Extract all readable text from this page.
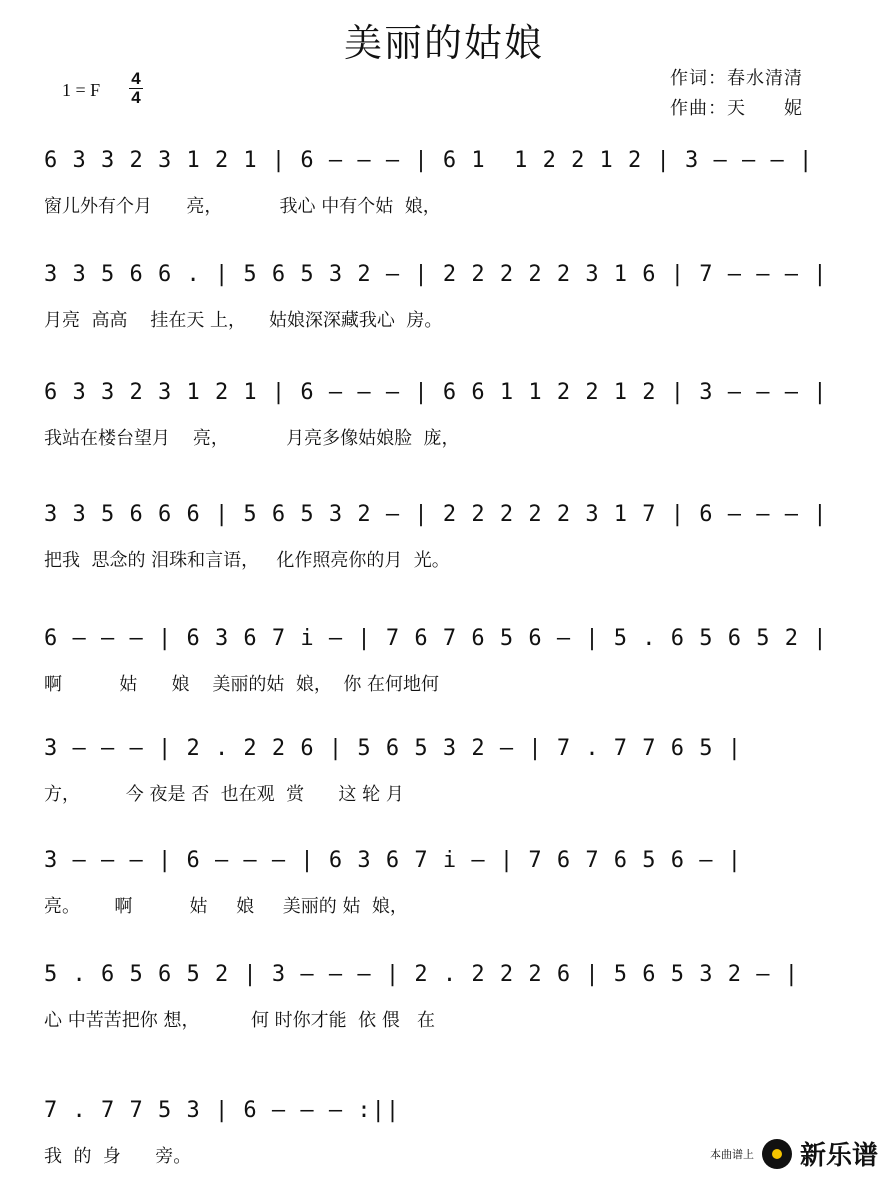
美丽的姑娘
1 = F
4
4
作词：春水清清
作曲：天　　妮
6 3 3 2 3 1 2 1 | 6 — — — | 6 1  1 2 2 1 2 | 3 — — — |
窗儿外有个月      亮，          我心 中有个姑  娘，
3 3 5 6 6 . | 5 6 5 3 2 — | 2 2 2 2 2 3 1 6 | 7 — — — |
月亮  高高    挂在天 上，    姑娘深深藏我心  房。
6 3 3 2 3 1 2 1 | 6 — — — | 6 6 1 1 2 2 1 2 | 3 — — — |
我站在楼台望月    亮，          月亮多像姑娘脸  庞，
3 3 5 6 6 6 | 5 6 5 3 2 — | 2 2 2 2 2 3 1 7 | 6 — — — |
把我  思念的 泪珠和言语，   化作照亮你的月  光。
6 — — — | 6 3 6 7 i — | 7 6 7 6 5 6 — | 5 . 6 5 6 5 2 |
啊          姑      娘    美丽的姑  娘，  你 在何地何
3 — — — | 2 . 2 2 6 | 5 6 5 3 2 — | 7 . 7 7 6 5 |
方，        今 夜是 否  也在观  赏      这 轮 月
3 — — — | 6 — — — | 6 3 6 7 i — | 7 6 7 6 5 6 — |
亮。      啊          姑     娘     美丽的 姑  娘，
5 . 6 5 6 5 2 | 3 — — — | 2 . 2 2 2 6 | 5 6 5 3 2 — |
心 中苦苦把你 想，         何 时你才能  依 偎   在
7 . 7 7 5 3 | 6 — — — :||
我  的  身      旁。	本曲谱上 新乐谱
